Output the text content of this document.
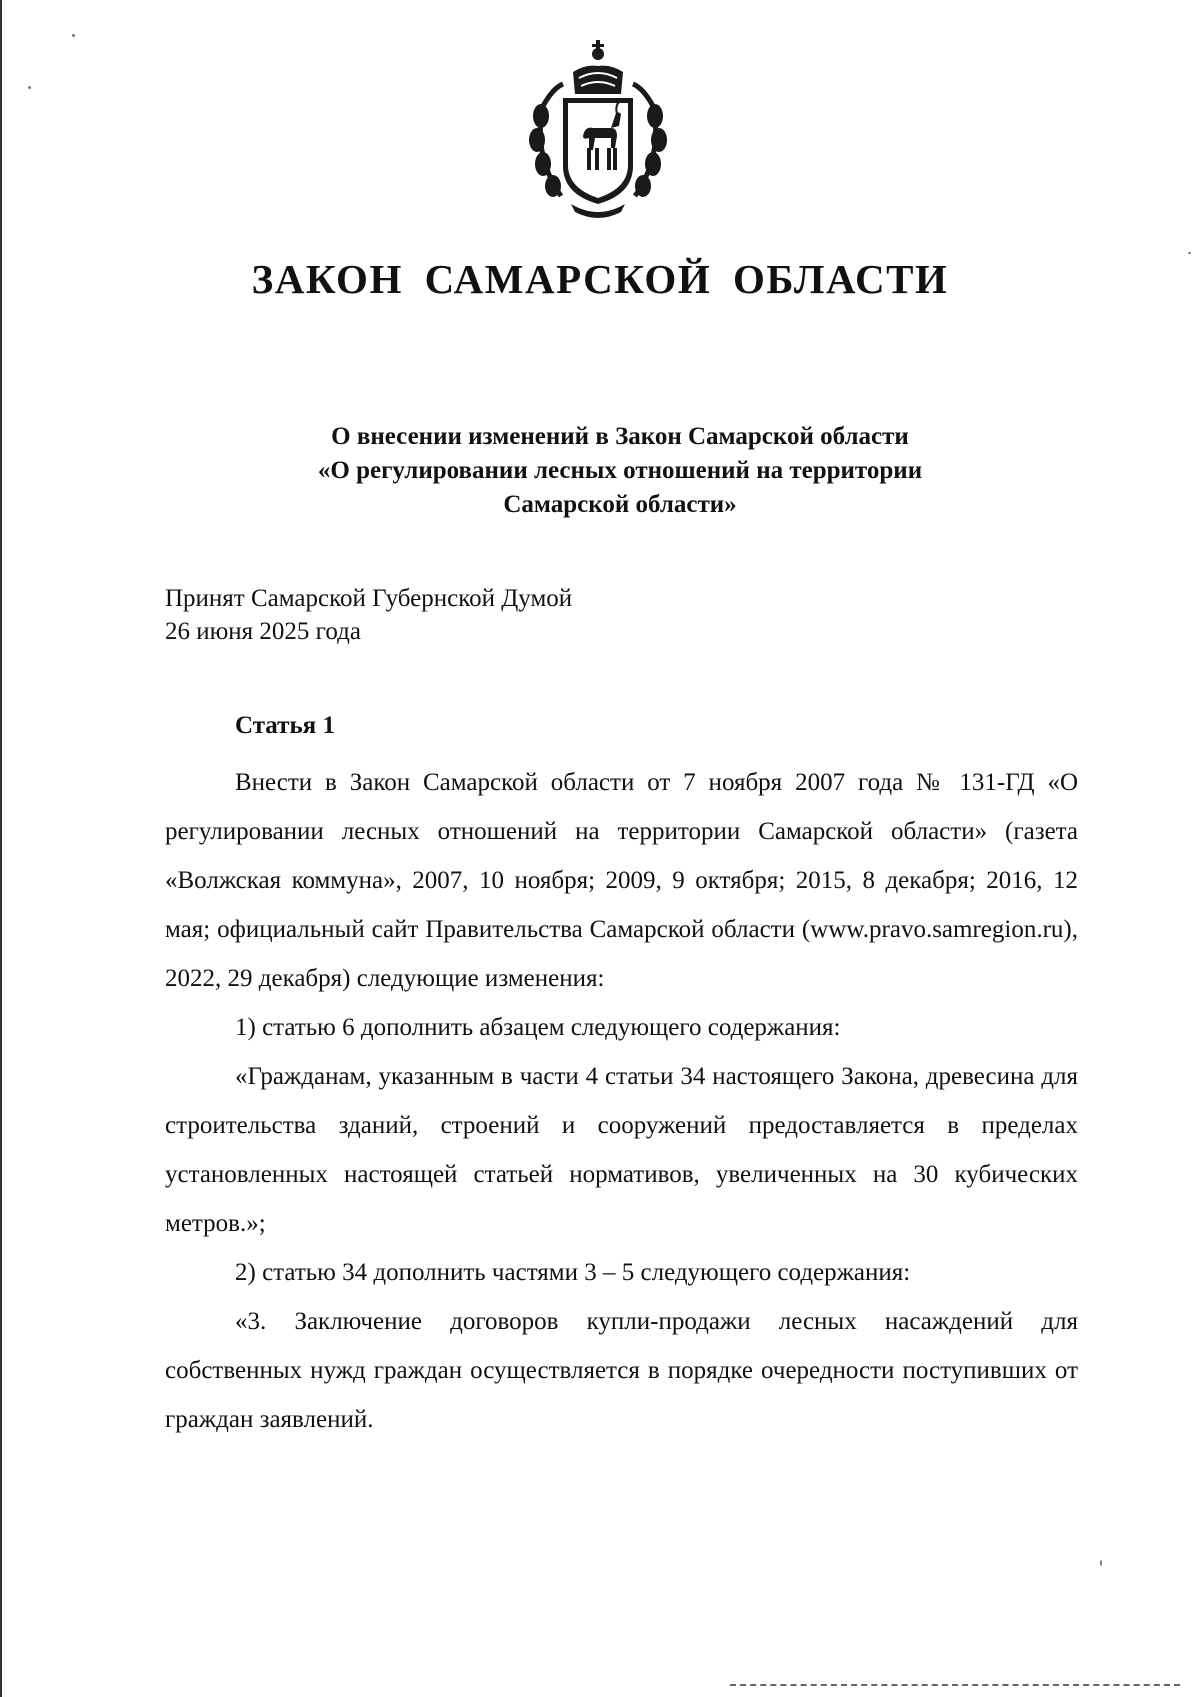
ЗАКОН САМАРСКОЙ ОБЛАСТИ
О внесении изменений в Закон Самарской области
«О регулировании лесных отношений на территории
Самарской области»
Принят Самарской Губернской Думой
26 июня 2025 года
Статья 1

Внести в Закон Самарской области от 7 ноября 2007 года № 131-ГД «О регулировании лесных отношений на территории Самарской области» (газета «Волжская коммуна», 2007, 10 ноября; 2009, 9 октября; 2015, 8 декабря; 2016, 12 мая; официальный сайт Правительства Самарской области (www.pravo.samregion.ru), 2022, 29 декабря) следующие изменения:

1) статью 6 дополнить абзацем следующего содержания:

«Гражданам, указанным в части 4 статьи 34 настоящего Закона, древесина для строительства зданий, строений и сооружений предоставляется в пределах установленных настоящей статьей нормативов, увеличенных на 30 кубических метров.»;

2) статью 34 дополнить частями 3 – 5 следующего содержания:

«3. Заключение договоров купли-продажи лесных насаждений для собственных нужд граждан осуществляется в порядке очередности поступивших от граждан заявлений.
